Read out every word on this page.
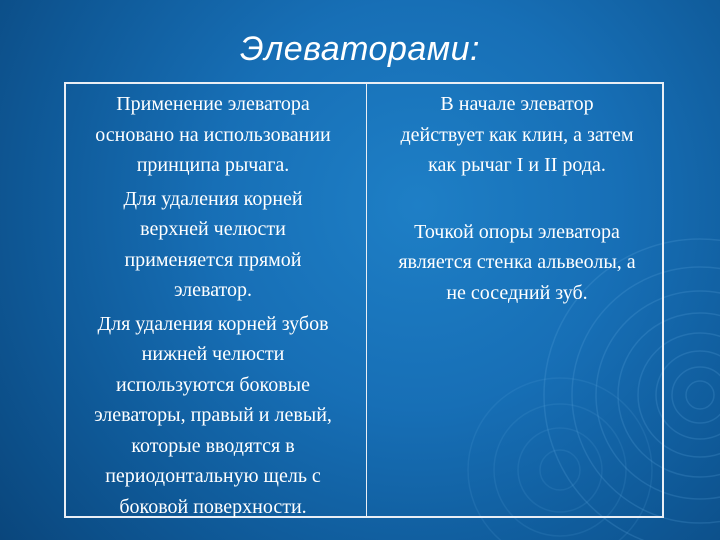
Элеваторами:

Применение элеватора
основано на использовании
принципа рычага.

Для удаления корней
верхней челюсти
применяется прямой
элеватор.

Для удаления корней зубов
нижней челюсти
используются боковые
элеваторы, правый и левый,
которые вводятся в
периодонтальную щель с
боковой поверхности.

В начале элеватор
действует как клин, а затем
как рычаг I и II рода.

Точкой опоры элеватора
является стенка альвеолы, а
не соседний зуб.
